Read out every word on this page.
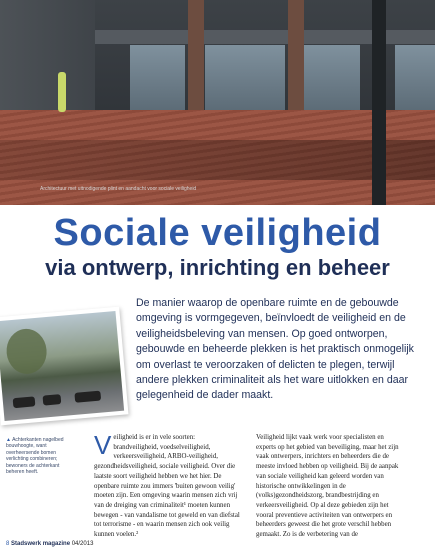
Architectuur met uitnodigende plint en aandacht voor sociale veiligheid
Sociale veiligheid
via ontwerp, inrichting en beheer

De manier waarop de openbare ruimte en de gebouwde omgeving is vormgegeven, beïnvloedt de veiligheid en de veiligheidsbeleving van mensen. Op goed ontworpen, gebouwde en beheerde plekken is het praktisch onmogelijk om overlast te veroorzaken of delicten te plegen, terwijl andere plekken criminaliteit als het ware uitlokken en daar gelegenheid de dader maakt.

▲ Achterkanten nagelbed bouwhoogte, want overheersende bomen verlichting combineren; bewoners de achterkant beheren heeft.

V eiligheid is er in vele soorten: brandveiligheid, voedselveiligheid, verkeersveiligheid, ARBO-veiligheid, gezondheidsveiligheid, sociale veiligheid. Over die laatste soort veiligheid hebben we het hier. De openbare ruimte zou immers 'buiten gewoon veilig' moeten zijn. Een omgeving waarin mensen zich vrij van de dreiging van criminaliteit¹ moeten kunnen bewegen - van vandalisme tot geweld en van diefstal tot terrorisme - en waarin mensen zich ook veilig kunnen voelen.²

Veiligheid lijkt vaak werk voor specialisten en experts op het gebied van beveiliging, maar het zijn vaak ontwerpers, inrichters en beheerders die de meeste invloed hebben op veiligheid. Bij de aanpak van sociale veiligheid kan geleerd worden van historische ontwikkelingen in de (volks)gezondheidszorg, brandbestrijding en verkeersveiligheid. Op al deze gebieden zijn het vooral preventieve activiteiten van ontwerpers en beheerders geweest die het grote verschil hebben gemaakt. Zo is de verbetering van de

8 Stadswerk magazine 04/2013
